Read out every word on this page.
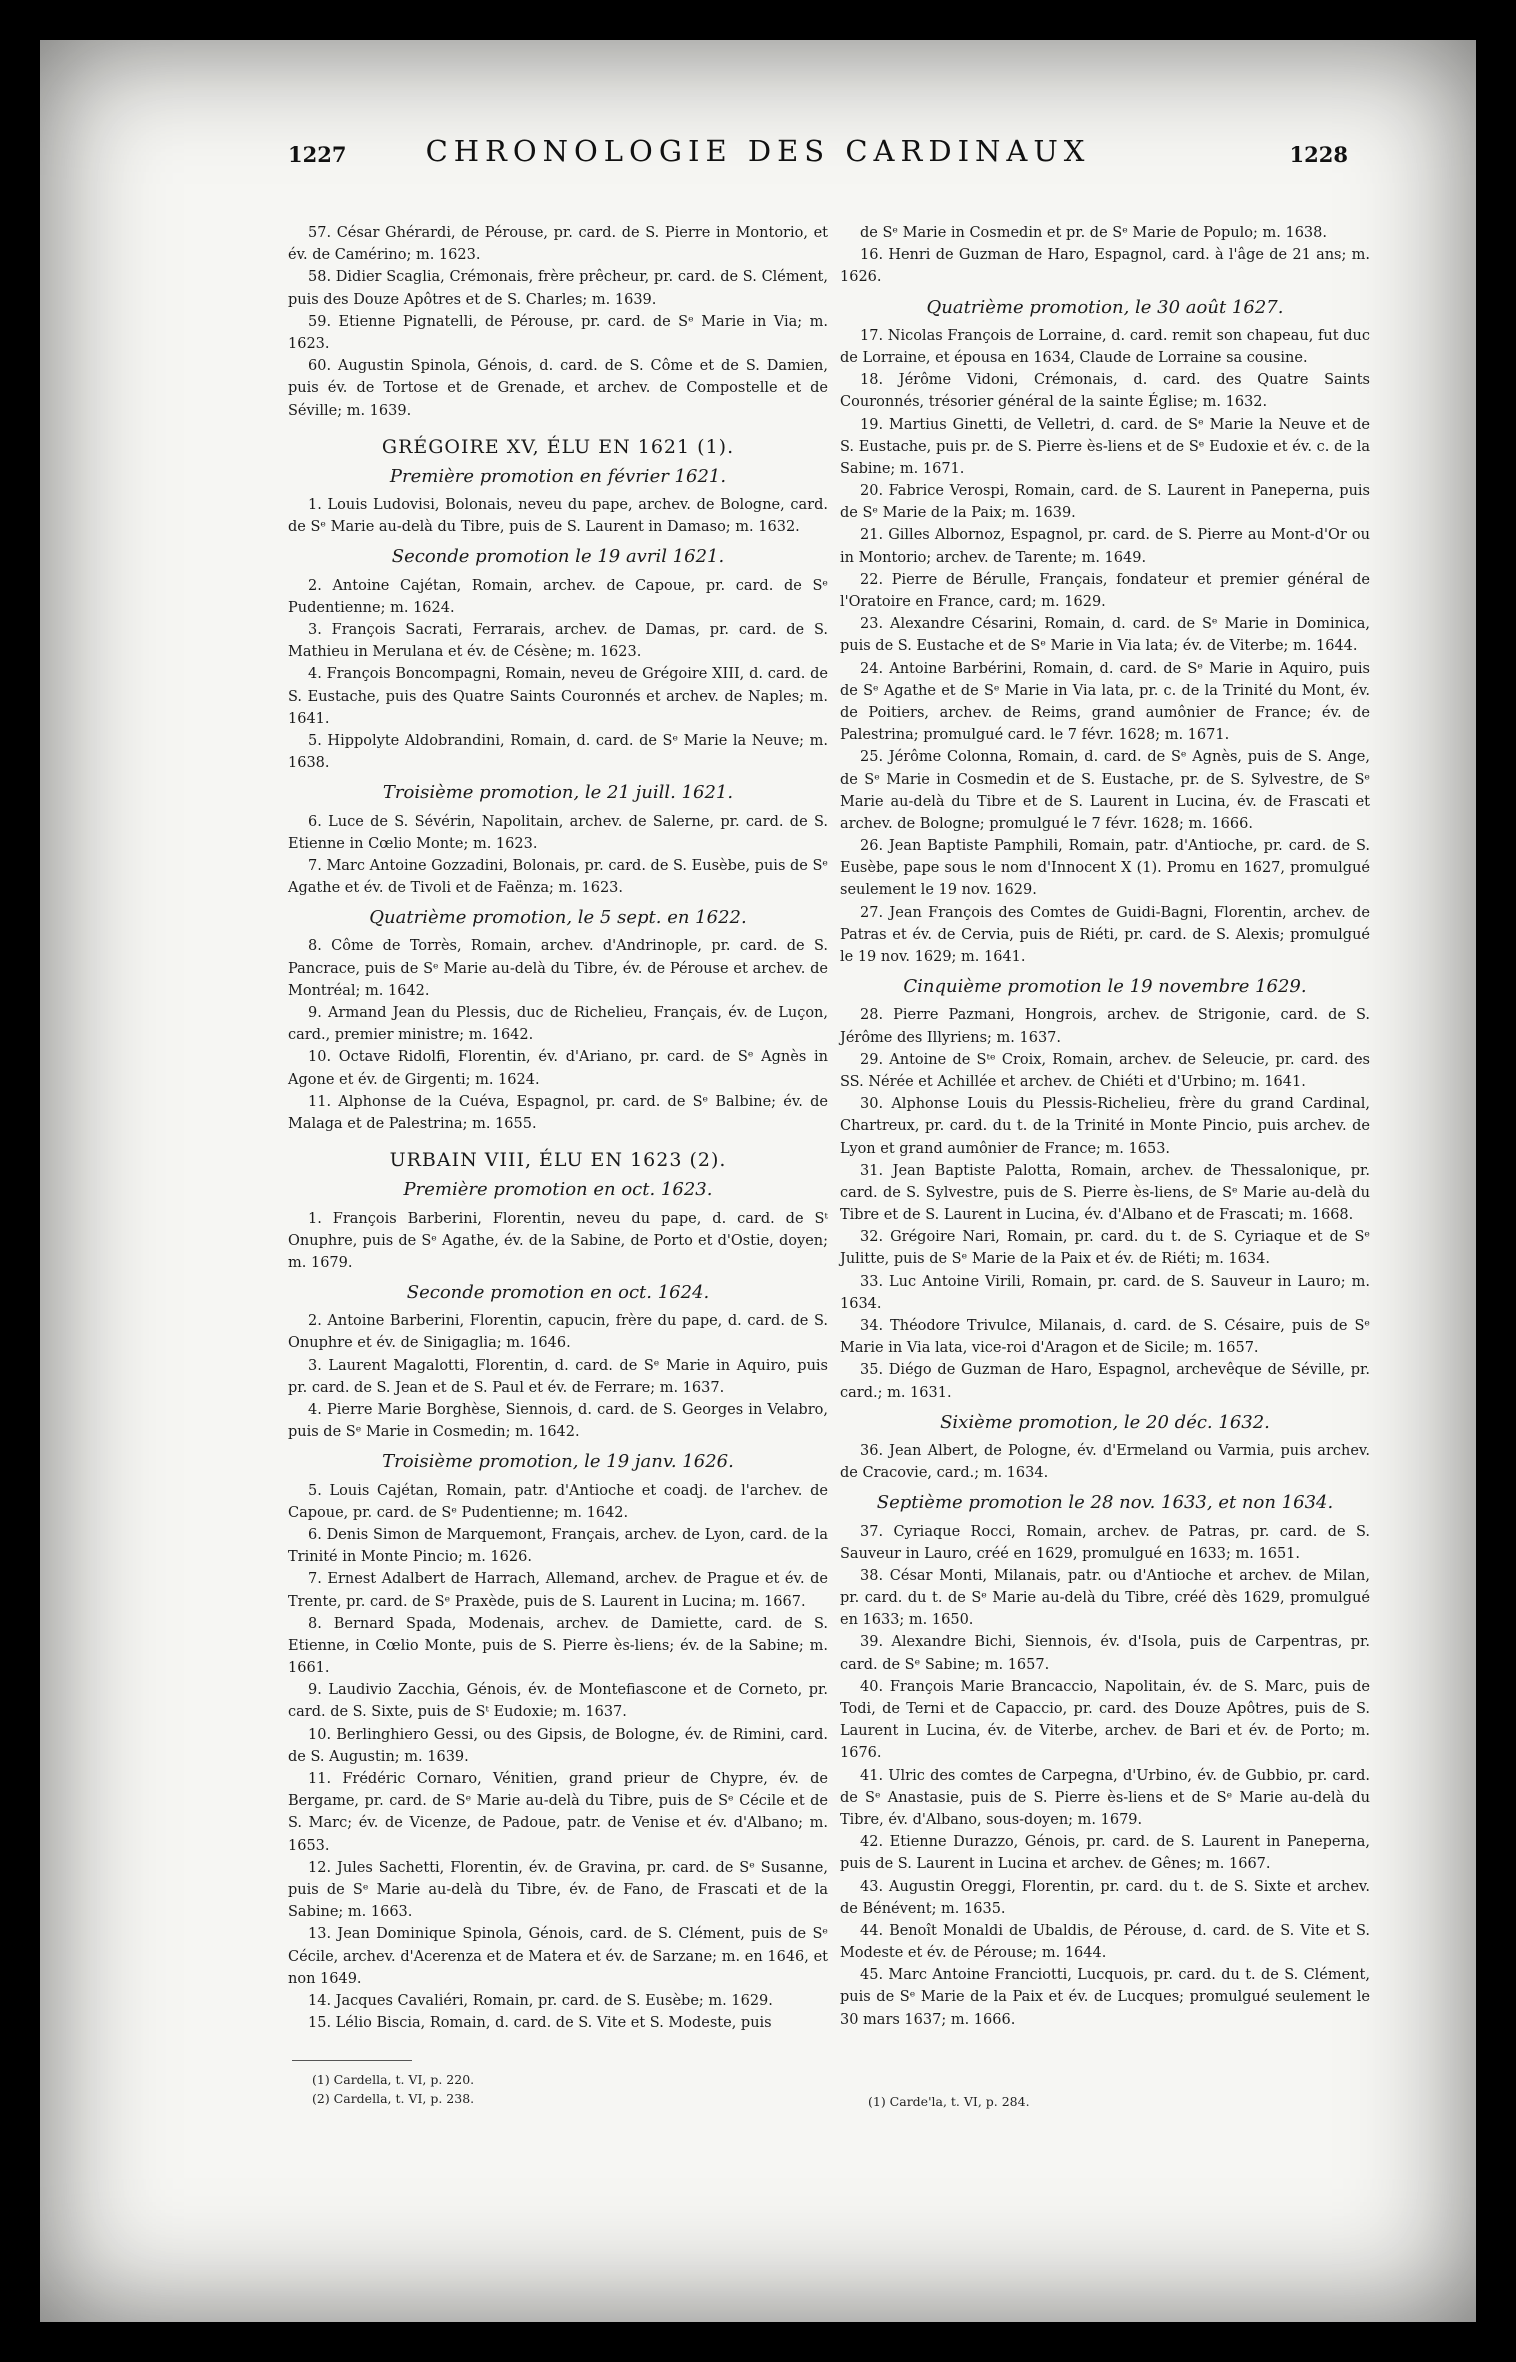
1227	CHRONOLOGIE DES CARDINAUX	1228

57. César Ghérardi, de Pérouse, pr. card. de S. Pierre in Montorio, et év. de Camérino; m. 1623.

58. Didier Scaglia, Crémonais, frère prêcheur, pr. card. de S. Clément, puis des Douze Apôtres et de S. Charles; m. 1639.

59. Etienne Pignatelli, de Pérouse, pr. card. de Sᵉ Marie in Via; m. 1623.

60. Augustin Spinola, Génois, d. card. de S. Côme et de S. Damien, puis év. de Tortose et de Grenade, et archev. de Compostelle et de Séville; m. 1639.

GRÉGOIRE XV, ÉLU EN 1621 (1).
Première promotion en février 1621.

1. Louis Ludovisi, Bolonais, neveu du pape, archev. de Bologne, card. de Sᵉ Marie au-delà du Tibre, puis de S. Laurent in Damaso; m. 1632.

Seconde promotion le 19 avril 1621.

2. Antoine Cajétan, Romain, archev. de Capoue, pr. card. de Sᵉ Pudentienne; m. 1624.

3. François Sacrati, Ferrarais, archev. de Damas, pr. card. de S. Mathieu in Merulana et év. de Césène; m. 1623.

4. François Boncompagni, Romain, neveu de Grégoire XIII, d. card. de S. Eustache, puis des Quatre Saints Couronnés et archev. de Naples; m. 1641.

5. Hippolyte Aldobrandini, Romain, d. card. de Sᵉ Marie la Neuve; m. 1638.

Troisième promotion, le 21 juill. 1621.

6. Luce de S. Sévérin, Napolitain, archev. de Salerne, pr. card. de S. Etienne in Cœlio Monte; m. 1623.

7. Marc Antoine Gozzadini, Bolonais, pr. card. de S. Eusèbe, puis de Sᵉ Agathe et év. de Tivoli et de Faënza; m. 1623.

Quatrième promotion, le 5 sept. en 1622.

8. Côme de Torrès, Romain, archev. d'Andrinople, pr. card. de S. Pancrace, puis de Sᵉ Marie au-delà du Tibre, év. de Pérouse et archev. de Montréal; m. 1642.

9. Armand Jean du Plessis, duc de Richelieu, Français, év. de Luçon, card., premier ministre; m. 1642.

10. Octave Ridolfi, Florentin, év. d'Ariano, pr. card. de Sᵉ Agnès in Agone et év. de Girgenti; m. 1624.

11. Alphonse de la Cuéva, Espagnol, pr. card. de Sᵉ Balbine; év. de Malaga et de Palestrina; m. 1655.

URBAIN VIII, ÉLU EN 1623 (2).
Première promotion en oct. 1623.

1. François Barberini, Florentin, neveu du pape, d. card. de Sᵗ Onuphre, puis de Sᵉ Agathe, év. de la Sabine, de Porto et d'Ostie, doyen; m. 1679.

Seconde promotion en oct. 1624.

2. Antoine Barberini, Florentin, capucin, frère du pape, d. card. de S. Onuphre et év. de Sinigaglia; m. 1646.

3. Laurent Magalotti, Florentin, d. card. de Sᵉ Marie in Aquiro, puis pr. card. de S. Jean et de S. Paul et év. de Ferrare; m. 1637.

4. Pierre Marie Borghèse, Siennois, d. card. de S. Georges in Velabro, puis de Sᵉ Marie in Cosmedin; m. 1642.

Troisième promotion, le 19 janv. 1626.

5. Louis Cajétan, Romain, patr. d'Antioche et coadj. de l'archev. de Capoue, pr. card. de Sᵉ Pudentienne; m. 1642.

6. Denis Simon de Marquemont, Français, archev. de Lyon, card. de la Trinité in Monte Pincio; m. 1626.

7. Ernest Adalbert de Harrach, Allemand, archev. de Prague et év. de Trente, pr. card. de Sᵉ Praxède, puis de S. Laurent in Lucina; m. 1667.

8. Bernard Spada, Modenais, archev. de Damiette, card. de S. Etienne, in Cœlio Monte, puis de S. Pierre ès-liens; év. de la Sabine; m. 1661.

9. Laudivio Zacchia, Génois, év. de Montefiascone et de Corneto, pr. card. de S. Sixte, puis de Sᵗ Eudoxie; m. 1637.

10. Berlinghiero Gessi, ou des Gipsis, de Bologne, év. de Rimini, card. de S. Augustin; m. 1639.

11. Frédéric Cornaro, Vénitien, grand prieur de Chypre, év. de Bergame, pr. card. de Sᵉ Marie au-delà du Tibre, puis de Sᵉ Cécile et de S. Marc; év. de Vicenze, de Padoue, patr. de Venise et év. d'Albano; m. 1653.

12. Jules Sachetti, Florentin, év. de Gravina, pr. card. de Sᵉ Susanne, puis de Sᵉ Marie au-delà du Tibre, év. de Fano, de Frascati et de la Sabine; m. 1663.

13. Jean Dominique Spinola, Génois, card. de S. Clément, puis de Sᵉ Cécile, archev. d'Acerenza et de Matera et év. de Sarzane; m. en 1646, et non 1649.

14. Jacques Cavaliéri, Romain, pr. card. de S. Eusèbe; m. 1629.

15. Lélio Biscia, Romain, d. card. de S. Vite et S. Modeste, puis

de Sᵉ Marie in Cosmedin et pr. de Sᵉ Marie de Populo; m. 1638.

16. Henri de Guzman de Haro, Espagnol, card. à l'âge de 21 ans; m. 1626.

Quatrième promotion, le 30 août 1627.

17. Nicolas François de Lorraine, d. card. remit son chapeau, fut duc de Lorraine, et épousa en 1634, Claude de Lorraine sa cousine.

18. Jérôme Vidoni, Crémonais, d. card. des Quatre Saints Couronnés, trésorier général de la sainte Église; m. 1632.

19. Martius Ginetti, de Velletri, d. card. de Sᵉ Marie la Neuve et de S. Eustache, puis pr. de S. Pierre ès-liens et de Sᵉ Eudoxie et év. c. de la Sabine; m. 1671.

20. Fabrice Verospi, Romain, card. de S. Laurent in Paneperna, puis de Sᵉ Marie de la Paix; m. 1639.

21. Gilles Albornoz, Espagnol, pr. card. de S. Pierre au Mont-d'Or ou in Montorio; archev. de Tarente; m. 1649.

22. Pierre de Bérulle, Français, fondateur et premier général de l'Oratoire en France, card; m. 1629.

23. Alexandre Césarini, Romain, d. card. de Sᵉ Marie in Dominica, puis de S. Eustache et de Sᵉ Marie in Via lata; év. de Viterbe; m. 1644.

24. Antoine Barbérini, Romain, d. card. de Sᵉ Marie in Aquiro, puis de Sᵉ Agathe et de Sᵉ Marie in Via lata, pr. c. de la Trinité du Mont, év. de Poitiers, archev. de Reims, grand aumônier de France; év. de Palestrina; promulgué card. le 7 févr. 1628; m. 1671.

25. Jérôme Colonna, Romain, d. card. de Sᵉ Agnès, puis de S. Ange, de Sᵉ Marie in Cosmedin et de S. Eustache, pr. de S. Sylvestre, de Sᵉ Marie au-delà du Tibre et de S. Laurent in Lucina, év. de Frascati et archev. de Bologne; promulgué le 7 févr. 1628; m. 1666.

26. Jean Baptiste Pamphili, Romain, patr. d'Antioche, pr. card. de S. Eusèbe, pape sous le nom d'Innocent X (1). Promu en 1627, promulgué seulement le 19 nov. 1629.

27. Jean François des Comtes de Guidi-Bagni, Florentin, archev. de Patras et év. de Cervia, puis de Riéti, pr. card. de S. Alexis; promulgué le 19 nov. 1629; m. 1641.

Cinquième promotion le 19 novembre 1629.

28. Pierre Pazmani, Hongrois, archev. de Strigonie, card. de S. Jérôme des Illyriens; m. 1637.

29. Antoine de Sᵗᵉ Croix, Romain, archev. de Seleucie, pr. card. des SS. Nérée et Achillée et archev. de Chiéti et d'Urbino; m. 1641.

30. Alphonse Louis du Plessis-Richelieu, frère du grand Cardinal, Chartreux, pr. card. du t. de la Trinité in Monte Pincio, puis archev. de Lyon et grand aumônier de France; m. 1653.

31. Jean Baptiste Palotta, Romain, archev. de Thessalonique, pr. card. de S. Sylvestre, puis de S. Pierre ès-liens, de Sᵉ Marie au-delà du Tibre et de S. Laurent in Lucina, év. d'Albano et de Frascati; m. 1668.

32. Grégoire Nari, Romain, pr. card. du t. de S. Cyriaque et de Sᵉ Julitte, puis de Sᵉ Marie de la Paix et év. de Riéti; m. 1634.

33. Luc Antoine Virili, Romain, pr. card. de S. Sauveur in Lauro; m. 1634.

34. Théodore Trivulce, Milanais, d. card. de S. Césaire, puis de Sᵉ Marie in Via lata, vice-roi d'Aragon et de Sicile; m. 1657.

35. Diégo de Guzman de Haro, Espagnol, archevêque de Séville, pr. card.; m. 1631.

Sixième promotion, le 20 déc. 1632.

36. Jean Albert, de Pologne, év. d'Ermeland ou Varmia, puis archev. de Cracovie, card.; m. 1634.

Septième promotion le 28 nov. 1633, et non 1634.

37. Cyriaque Rocci, Romain, archev. de Patras, pr. card. de S. Sauveur in Lauro, créé en 1629, promulgué en 1633; m. 1651.

38. César Monti, Milanais, patr. ou d'Antioche et archev. de Milan, pr. card. du t. de Sᵉ Marie au-delà du Tibre, créé dès 1629, promulgué en 1633; m. 1650.

39. Alexandre Bichi, Siennois, év. d'Isola, puis de Carpentras, pr. card. de Sᵉ Sabine; m. 1657.

40. François Marie Brancaccio, Napolitain, év. de S. Marc, puis de Todi, de Terni et de Capaccio, pr. card. des Douze Apôtres, puis de S. Laurent in Lucina, év. de Viterbe, archev. de Bari et év. de Porto; m. 1676.

41. Ulric des comtes de Carpegna, d'Urbino, év. de Gubbio, pr. card. de Sᵉ Anastasie, puis de S. Pierre ès-liens et de Sᵉ Marie au-delà du Tibre, év. d'Albano, sous-doyen; m. 1679.

42. Etienne Durazzo, Génois, pr. card. de S. Laurent in Paneperna, puis de S. Laurent in Lucina et archev. de Gênes; m. 1667.

43. Augustin Oreggi, Florentin, pr. card. du t. de S. Sixte et archev. de Bénévent; m. 1635.

44. Benoît Monaldi de Ubaldis, de Pérouse, d. card. de S. Vite et S. Modeste et év. de Pérouse; m. 1644.

45. Marc Antoine Franciotti, Lucquois, pr. card. du t. de S. Clément, puis de Sᵉ Marie de la Paix et év. de Lucques; promulgué seulement le 30 mars 1637; m. 1666.

(1) Cardella, t. VI, p. 220.

(2) Cardella, t. VI, p. 238.	(1) Carde'la, t. VI, p. 284.
